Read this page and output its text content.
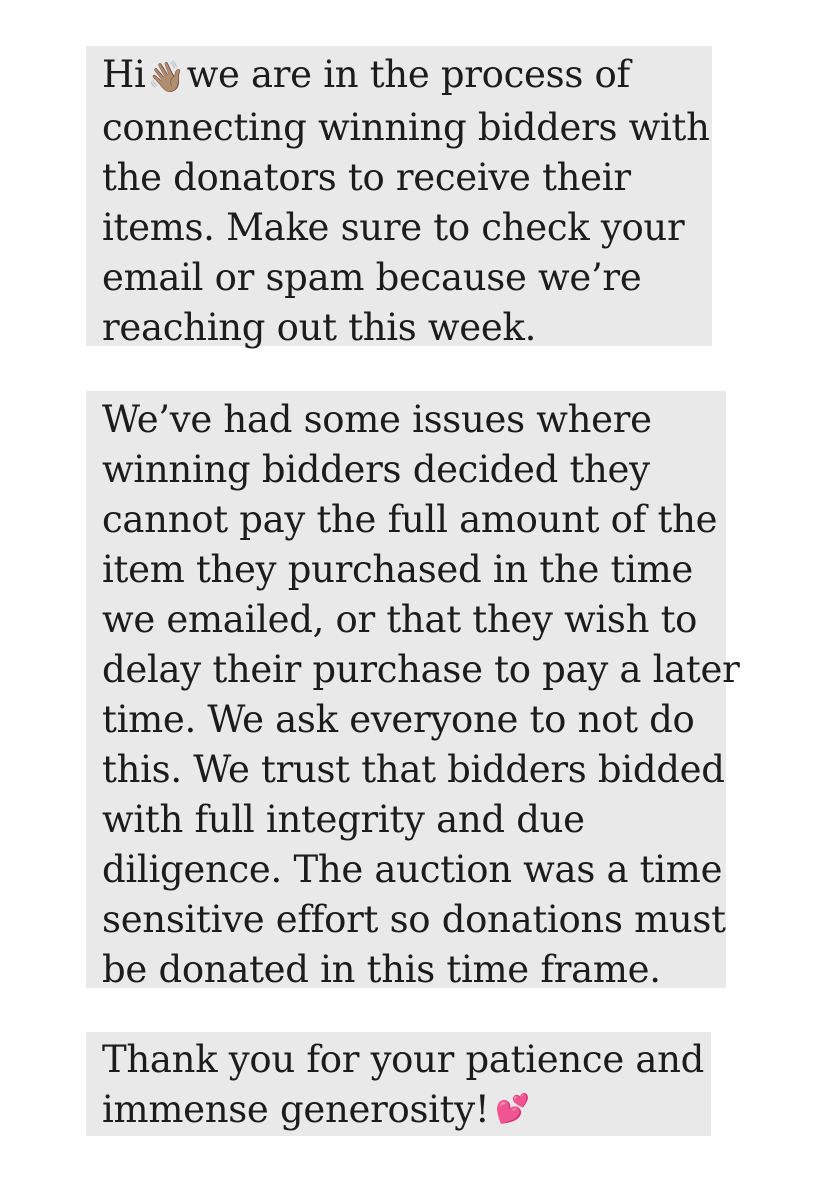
Hi👋🏽we are in the process of
connecting winning bidders with
the donators to receive their
items. Make sure to check your
email or spam because we’re
reaching out this week.
We’ve had some issues where
winning bidders decided they
cannot pay the full amount of the
item they purchased in the time
we emailed, or that they wish to
delay their purchase to pay a later
time. We ask everyone to not do
this. We trust that bidders bidded
with full integrity and due
diligence. The auction was a time
sensitive effort so donations must
be donated in this time frame.
Thank you for your patience and
immense generosity! 💕
